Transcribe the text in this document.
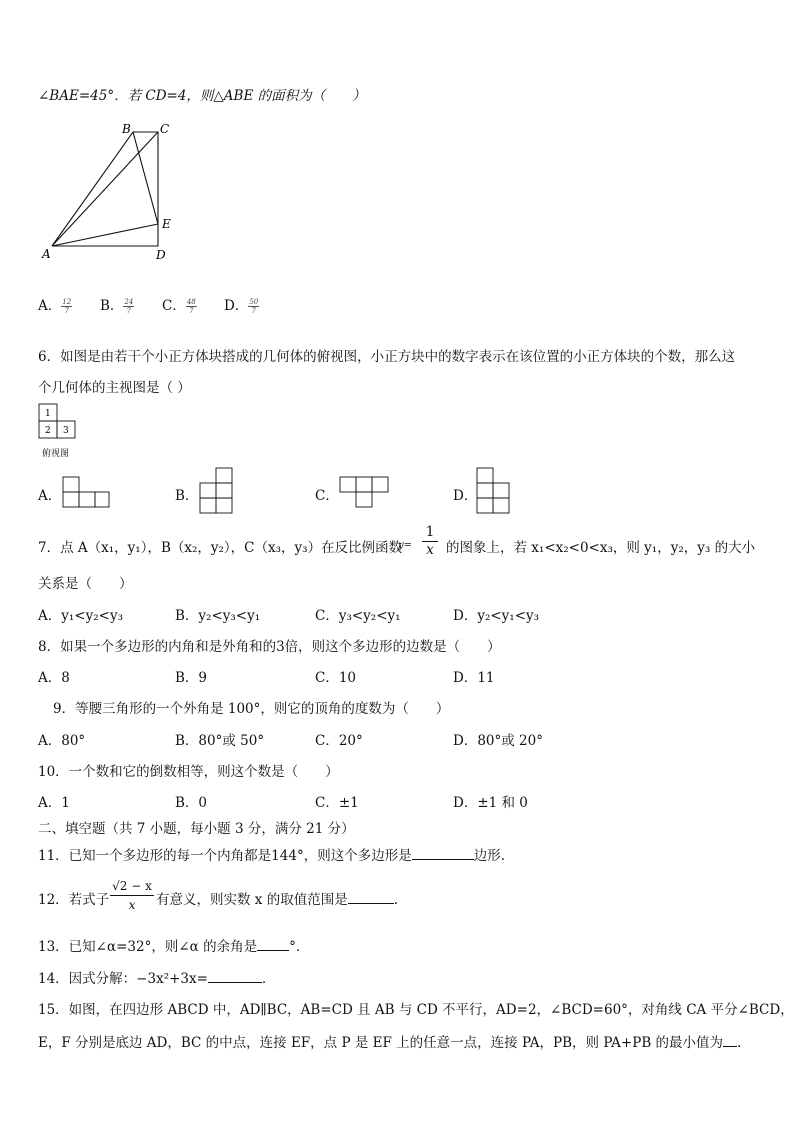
∠BAE=45°．若 CD=4，则△ABE 的面积为（　　）
B C
E
A	D
A． $\frac{12}{7}$ B． $\frac{24}{7}$ C． $\frac{48}{7}$ D． $\frac{50}{7}$
6．如图是由若干个小正方体块搭成的几何体的俯视图，小正方块中的数字表示在该位置的小正方体块的个数，那么这
个几何体的主视图是（ ）
1
2 3
俯视图
A．	B．	C．	D．
7．点 A（x₁，y₁），B（x₂，y₂），C（x₃，y₃）在反比例函数
y=
1
x 的图象上，若 x₁<x₂<0<x₃，则 y₁，y₂，y₃ 的大小
关系是（　　）
A．y₁<y₂<y₃	B．y₂<y₃<y₁	C．y₃<y₂<y₁	D．y₂<y₁<y₃
8．如果一个多边形的内角和是外角和的3倍，则这个多边形的边数是（　　）
A．8	B．9	C．10	D．11
9．等腰三角形的一个外角是 100°，则它的顶角的度数为（　　）
A．80°	B．80°或 50°	C．20°	D．80°或 20°
10．一个数和它的倒数相等，则这个数是（　　）
A．1	B．0	C．±1	D．±1 和 0
二、填空题（共 7 小题，每小题 3 分，满分 21 分）
11．已知一个多边形的每一个内角都是144°，则这个多边形是	边形.
12．若式子
√2 − x
x	有意义，则实数 x 的取值范围是	.
13．已知∠α=32°，则∠α 的余角是 °．
14．因式分解：−3x²+3x=	．
15．如图，在四边形 ABCD 中，AD∥BC，AB=CD 且 AB 与 CD 不平行，AD=2，∠BCD=60°，对角线 CA 平分∠BCD，
E，F 分别是底边 AD，BC 的中点，连接 EF，点 P 是 EF 上的任意一点，连接 PA，PB，则 PA+PB 的最小值为 .
